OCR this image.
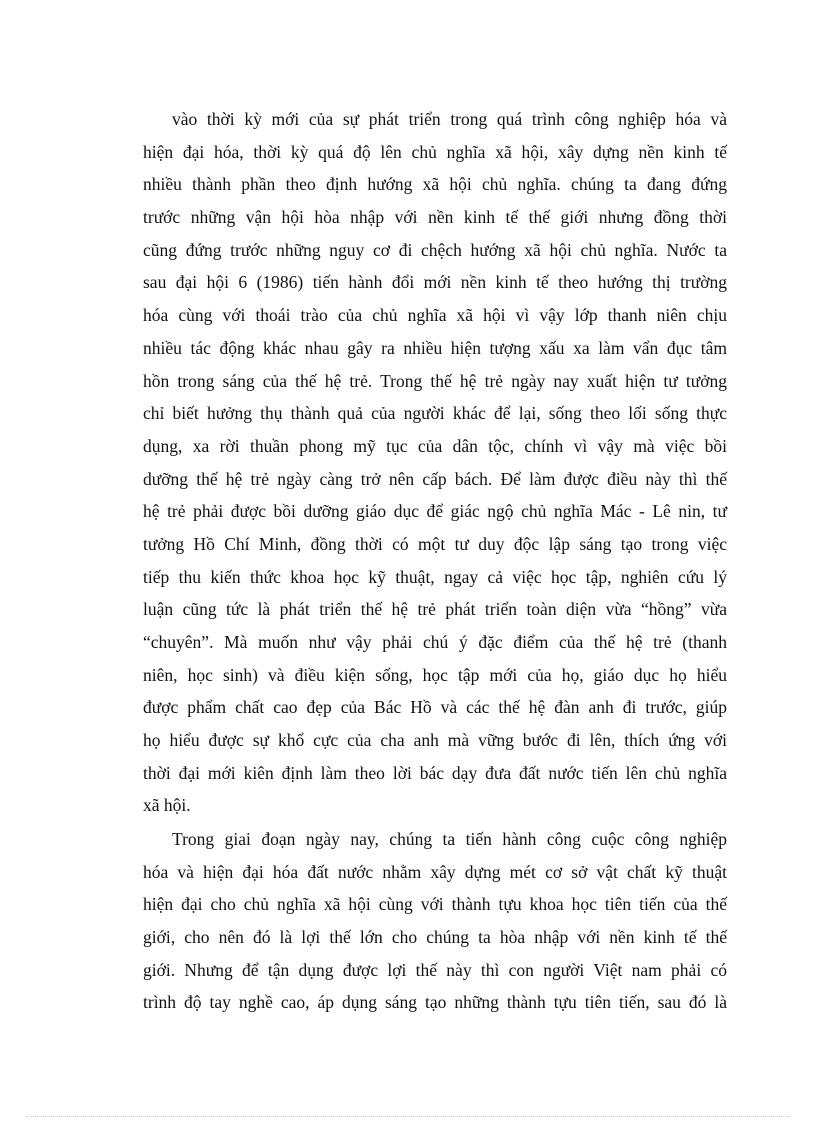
vào thời kỳ mới của sự phát triển trong quá trình công nghiệp hóa và
hiện đại hóa, thời kỳ quá độ lên chủ nghĩa xã hội, xây dựng nền kinh tế
nhiều thành phần theo định hướng xã hội chủ nghĩa. chúng ta đang đứng
trước những vận hội hòa nhập với nền kinh tế thế giới nhưng đồng thời
cũng đứng trước những nguy cơ đi chệch hướng xã hội chủ nghĩa. Nước ta
sau đại hội 6 (1986) tiến hành đổi mới nền kinh tế theo hướng thị trường
hóa cùng với thoái trào của chủ nghĩa xã hội vì vậy lớp thanh niên chịu
nhiều tác động khác nhau gây ra nhiều hiện tượng xấu xa làm vẩn đục tâm
hồn trong sáng của thế hệ trẻ. Trong thế hệ trẻ ngày nay xuất hiện tư tưởng
chỉ biết hưởng thụ thành quả của người khác để lại, sống theo lối sống thực
dụng, xa rời thuần phong mỹ tục của dân tộc, chính vì vậy mà việc bồi
dưỡng thế hệ trẻ ngày càng trở nên cấp bách. Để làm được điều này thì thế
hệ trẻ phải được bồi dưỡng giáo dục để giác ngộ chủ nghĩa Mác - Lê nin, tư
tưởng Hồ Chí Minh, đồng thời có một tư duy độc lập sáng tạo trong việc
tiếp thu kiến thức khoa học kỹ thuật, ngay cả việc học tập, nghiên cứu lý
luận cũng tức là phát triển thế hệ trẻ phát triển toàn diện vừa “hồng” vừa
“chuyên”. Mà muốn như vậy phải chú ý đặc điểm của thế hệ trẻ (thanh
niên, học sinh) và điều kiện sống, học tập mới của họ, giáo dục họ hiểu
được phẩm chất cao đẹp của Bác Hồ và các thế hệ đàn anh đi trước, giúp
họ hiểu được sự khổ cực của cha anh mà vững bước đi lên, thích ứng với
thời đại mới kiên định làm theo lời bác dạy đưa đất nước tiến lên chủ nghĩa
xã hội.
Trong giai đoạn ngày nay, chúng ta tiến hành công cuộc công nghiệp
hóa và hiện đại hóa đất nước nhằm xây dựng mét cơ sở vật chất kỹ thuật
hiện đại cho chủ nghĩa xã hội cùng với thành tựu khoa học tiên tiến của thế
giới, cho nên đó là lợi thế lớn cho chúng ta hòa nhập với nền kinh tế thế
giới. Nhưng để tận dụng được lợi thế này thì con người Việt nam phải có
trình độ tay nghề cao, áp dụng sáng tạo những thành tựu tiên tiến, sau đó là
